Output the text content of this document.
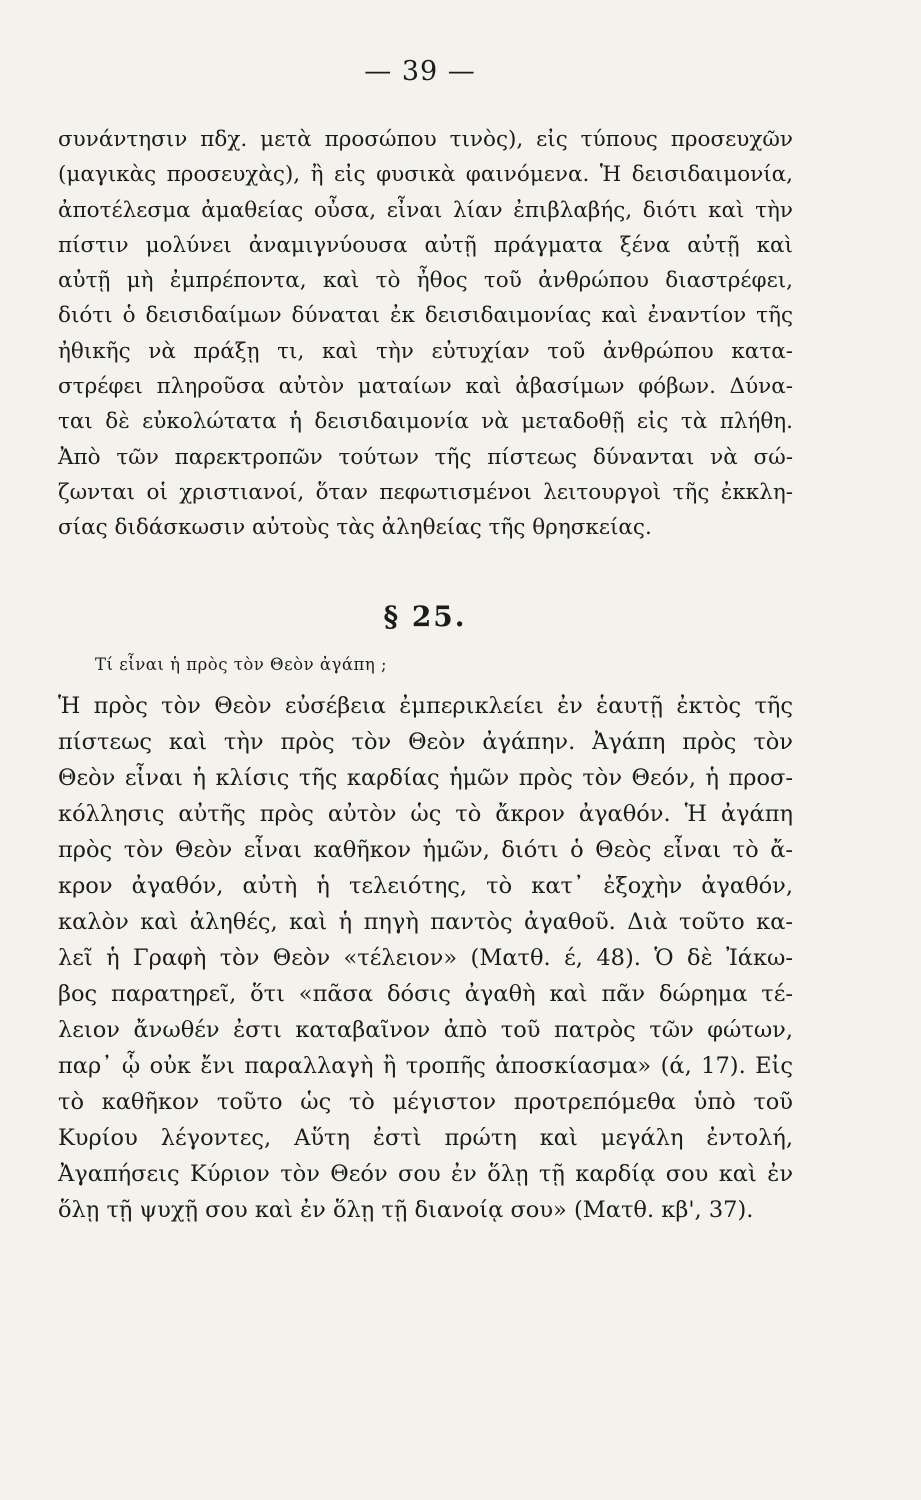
— 39 —
συνάντησιν πδχ. μετὰ προσώπου τινὸς), εἰς τύπους προσευχῶν
(μαγικὰς προσευχὰς), ἢ εἰς φυσικὰ φαινόμενα. Ἡ δεισιδαιμονία,
ἀποτέλεσμα ἀμαθείας οὖσα, εἶναι λίαν ἐπιβλαβής, διότι καὶ τὴν
πίστιν μολύνει ἀναμιγνύουσα αὐτῇ πράγματα ξένα αὐτῇ καὶ
αὐτῇ μὴ ἐμπρέποντα, καὶ τὸ ἦθος τοῦ ἀνθρώπου διαστρέφει,
διότι ὁ δεισιδαίμων δύναται ἐκ δεισιδαιμονίας καὶ ἐναντίον τῆς
ἠθικῆς νὰ πράξῃ τι, καὶ τὴν εὐτυχίαν τοῦ ἀνθρώπου κατα-
στρέφει πληροῦσα αὐτὸν ματαίων καὶ ἀβασίμων φόβων. Δύνα-
ται δὲ εὐκολώτατα ἡ δεισιδαιμονία νὰ μεταδοθῇ εἰς τὰ πλήθη.
Ἀπὸ τῶν παρεκτροπῶν τούτων τῆς πίστεως δύνανται νὰ σώ-
ζωνται οἱ χριστιανοί, ὅταν πεφωτισμένοι λειτουργοὶ τῆς ἐκκλη-
σίας διδάσκωσιν αὐτοὺς τὰς ἀληθείας τῆς θρησκείας.
§ 25.
Τί εἶναι ἡ πρὸς τὸν Θεὸν ἀγάπη ;
Ἡ πρὸς τὸν Θεὸν εὐσέβεια ἐμπερικλείει ἐν ἑαυτῇ ἐκτὸς τῆς
πίστεως καὶ τὴν πρὸς τὸν Θεὸν ἀγάπην. Ἀγάπη πρὸς τὸν
Θεὸν εἶναι ἡ κλίσις τῆς καρδίας ἡμῶν πρὸς τὸν Θεόν, ἡ προσ-
κόλλησις αὐτῆς πρὸς αὐτὸν ὡς τὸ ἄκρον ἀγαθόν. Ἡ ἀγάπη
πρὸς τὸν Θεὸν εἶναι καθῆκον ἡμῶν, διότι ὁ Θεὸς εἶναι τὸ ἄ-
κρον ἀγαθόν, αὐτὴ ἡ τελειότης, τὸ κατ᾽ ἐξοχὴν ἀγαθόν,
καλὸν καὶ ἀληθές, καὶ ἡ πηγὴ παντὸς ἀγαθοῦ. Διὰ τοῦτο κα-
λεῖ ἡ Γραφὴ τὸν Θεὸν «τέλειον» (Ματθ. έ, 48). Ὁ δὲ Ἰάκω-
βος παρατηρεῖ, ὅτι «πᾶσα δόσις ἀγαθὴ καὶ πᾶν δώρημα τέ-
λειον ἄνωθέν ἐστι καταβαῖνον ἀπὸ τοῦ πατρὸς τῶν φώτων,
παρ᾽ ᾧ οὐκ ἔνι παραλλαγὴ ἢ τροπῆς ἀποσκίασμα» (ά, 17). Εἰς
τὸ καθῆκον τοῦτο ὡς τὸ μέγιστον προτρεπόμεθα ὑπὸ τοῦ
Κυρίου λέγοντες, Αὕτη ἐστὶ πρώτη καὶ μεγάλη ἐντολή,
Ἀγαπήσεις Κύριον τὸν Θεόν σου ἐν ὅλῃ τῇ καρδίᾳ σου καὶ ἐν
ὅλῃ τῇ ψυχῇ σου καὶ ἐν ὅλῃ τῇ διανοίᾳ σου» (Ματθ. κβ', 37).
